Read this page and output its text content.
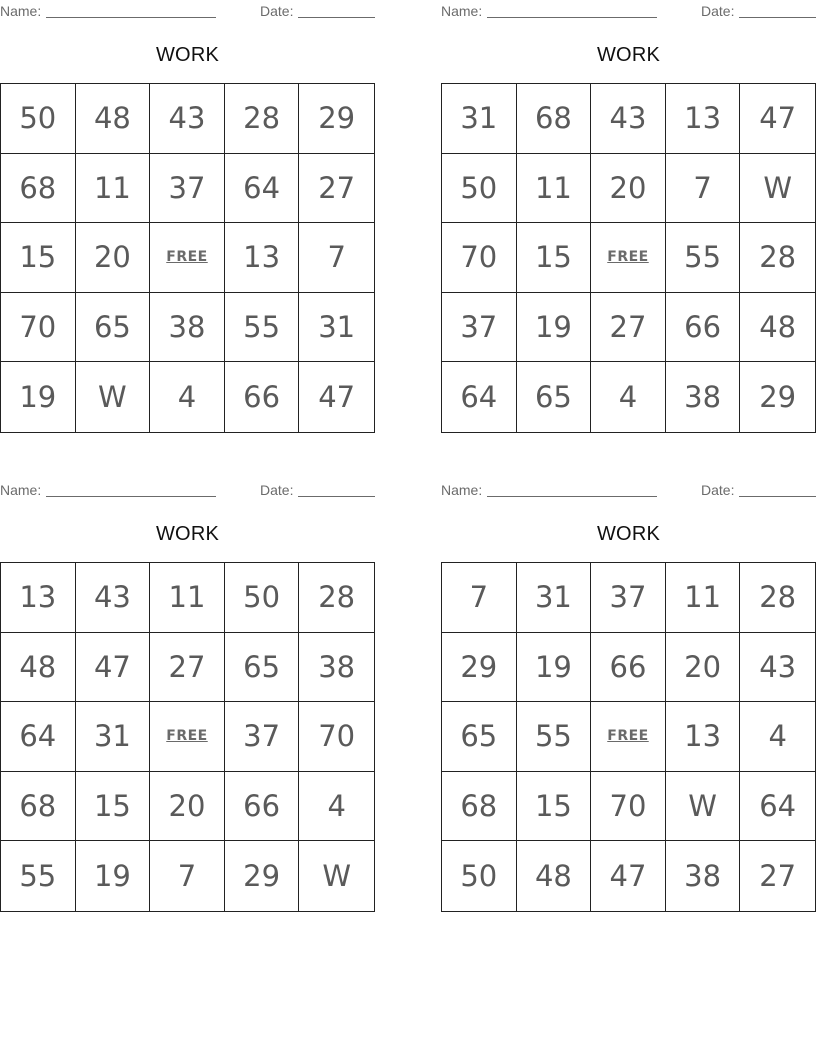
Name:	Date:
WORK
50	48	43	28	29
68	11	37	64	27
15	20	FREE	13	7
70	65	38	55	31
19	W	4	66	47
Name:	Date:
WORK
31	68	43	13	47
50	11	20	7	W
70	15	FREE	55	28
37	19	27	66	48
64	65	4	38	29
Name:	Date:
WORK
13	43	11	50	28
48	47	27	65	38
64	31	FREE	37	70
68	15	20	66	4
55	19	7	29	W
Name:	Date:
WORK
7	31	37	11	28
29	19	66	20	43
65	55	FREE	13	4
68	15	70	W	64
50	48	47	38	27
